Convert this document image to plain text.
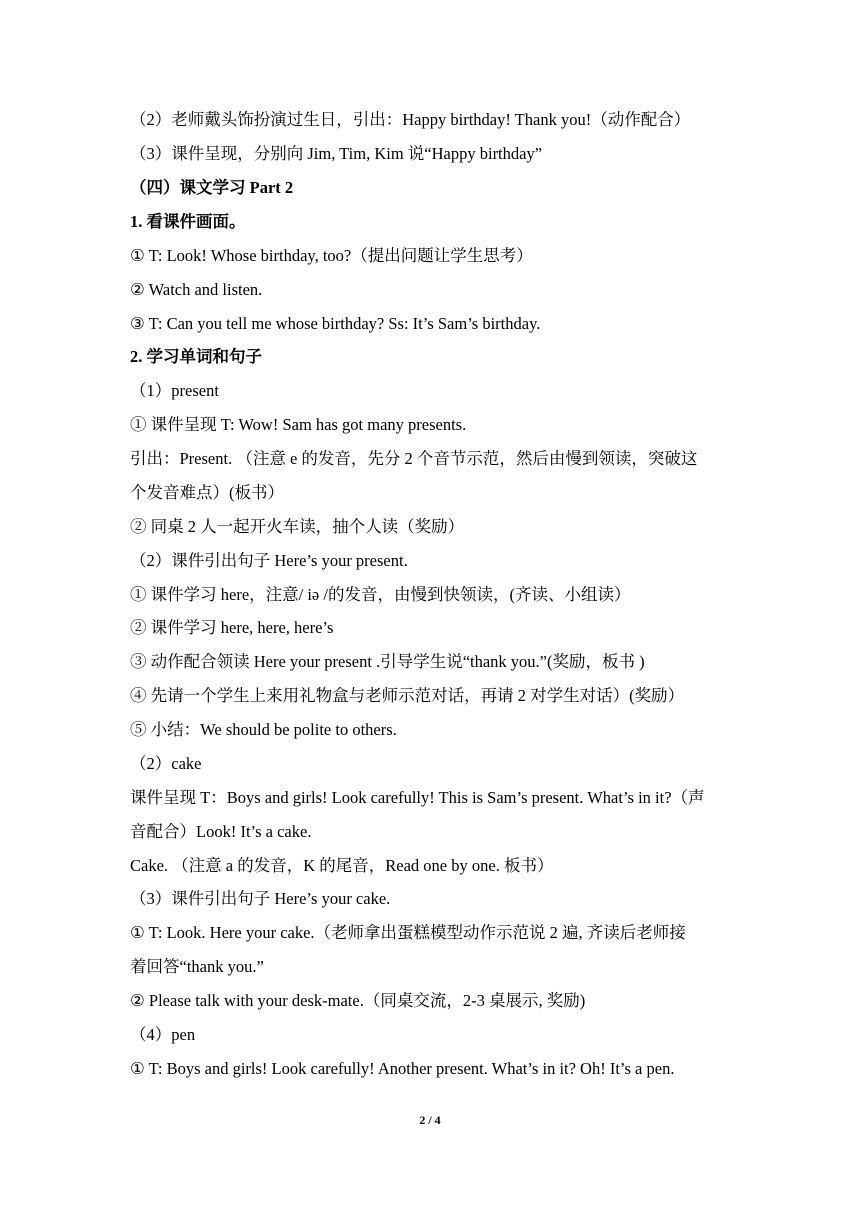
（2）老师戴头饰扮演过生日，引出：Happy birthday! Thank you!（动作配合）
（3）课件呈现，分别向 Jim, Tim, Kim 说“Happy birthday”
（四）课文学习 Part 2
1. 看课件画面。
① T: Look! Whose birthday, too?（提出问题让学生思考）
② Watch and listen.
③ T: Can you tell me whose birthday? Ss: It’s Sam’s birthday.
2. 学习单词和句子
（1）present
① 课件呈现 T: Wow! Sam has got many presents.
引出：Present. （注意 e 的发音，先分 2 个音节示范，然后由慢到领读，突破这
个发音难点）(板书）
② 同桌 2 人一起开火车读，抽个人读（奖励）
（2）课件引出句子 Here’s your present.
① 课件学习 here，注意/ iə /的发音，由慢到快领读，(齐读、小组读）
② 课件学习 here, here, here’s
③ 动作配合领读 Here your present .引导学生说“thank you.”(奖励，板书 )
④ 先请一个学生上来用礼物盒与老师示范对话，再请 2 对学生对话）(奖励）
⑤ 小结：We should be polite to others.
（2）cake
课件呈现 T：Boys and girls! Look carefully! This is Sam’s present. What’s in it?（声
音配合）Look! It’s a cake.
Cake. （注意 a 的发音，K 的尾音，Read one by one. 板书）
（3）课件引出句子 Here’s your cake.
① T: Look. Here your cake.（老师拿出蛋糕模型动作示范说 2 遍, 齐读后老师接
着回答“thank you.”
② Please talk with your desk-mate.（同桌交流，2-3 桌展示, 奖励)
（4）pen
① T: Boys and girls! Look carefully! Another present. What’s in it? Oh! It’s a pen.
2 / 4
